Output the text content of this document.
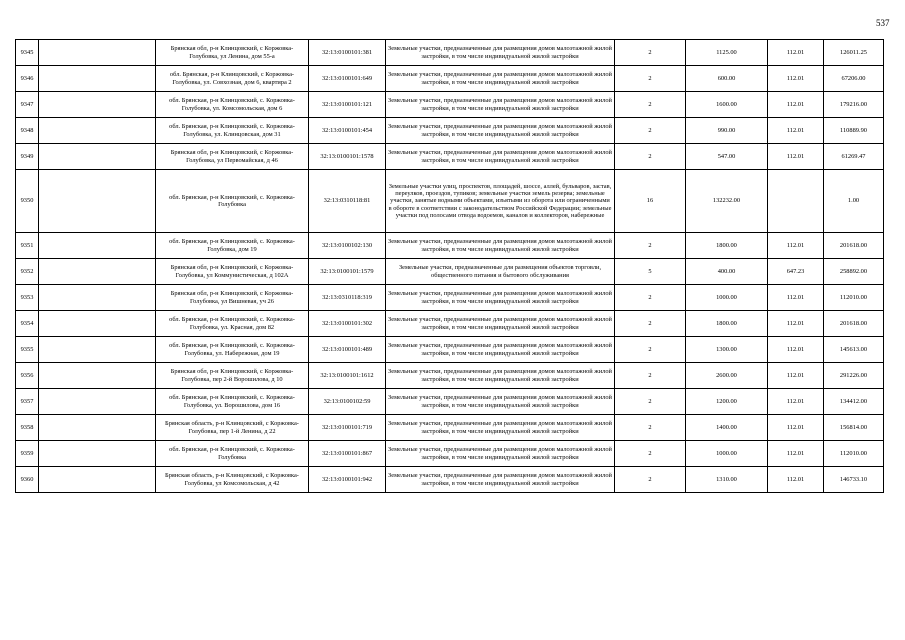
537
9345		Брянская обл, р-н Клинцовский, с Коржовка-Голубовка, ул Ленина, дом 55-а	32:13:0100101:381	Земельные участки, предназначенные для размещения домов малоэтажной жилой застройки, в том числе индивидуальной жилой застройки	2	1125.00	112.01	126011.25
9346		обл. Брянская, р-н Клинцовский, с Коржовка-Голубовка, ул. Совхозная, дом 6, квартира 2	32:13:0100101:649	Земельные участки, предназначенные для размещения домов малоэтажной жилой застройки, в том числе индивидуальной жилой застройки	2	600.00	112.01	67206.00
9347		обл. Брянская, р-н Клинцовский, с. Коржовка-Голубовка, ул. Комсомольская, дом 6	32:13:0100101:121	Земельные участки, предназначенные для размещения домов малоэтажной жилой застройки, в том числе индивидуальной жилой застройки	2	1600.00	112.01	179216.00
9348		обл. Брянская, р-н Клинцовский, с. Коржовка-Голубовка, ул. Клинцовская, дом 31	32:13:0100101:454	Земельные участки, предназначенные для размещения домов малоэтажной жилой застройки, в том числе индивидуальной жилой застройки	2	990.00	112.01	110889.90
9349		Брянская обл, р-н Клинцовский, с Коржовка-Голубовка, ул Первомайская, д 46	32:13:0100101:1578	Земельные участки, предназначенные для размещения домов малоэтажной жилой застройки, в том числе индивидуальной жилой застройки	2	547.00	112.01	61269.47
9350		обл. Брянская, р-н Клинцовский, с. Коржовка-Голубовка	32:13:0310118:81	Земельные участки улиц, проспектов, площадей, шоссе, аллей, бульваров, застав, переулков, проездов, тупиков; земельные участки земель резерва; земельные участки, занятые водными объектами, изъятыми из оборота или ограниченными в обороте в соответствии с законодательством Российской Федерации; земельные участки под полосами отвода водоемов, каналов и коллекторов, набережные	16	132232.00		1.00
9351		обл. Брянская, р-н Клинцовский, с. Коржовка-Голубовка, дом 19	32:13:0100102:130	Земельные участки, предназначенные для размещения домов малоэтажной жилой застройки, в том числе индивидуальной жилой застройки	2	1800.00	112.01	201618.00
9352		Брянская обл, р-н Клинцовский, с Коржовка-Голубовка, ул Коммунистическая, д 102А	32:13:0100101:1579	Земельные участки, предназначенные для размещения объектов торговли, общественного питания и бытового обслуживания	5	400.00	647.23	258892.00
9353		Брянская обл, р-н Клинцовский, с Коржовка-Голубовка, ул Вишневая, уч 26	32:13:0310118:319	Земельные участки, предназначенные для размещения домов малоэтажной жилой застройки, в том числе индивидуальной жилой застройки	2	1000.00	112.01	112010.00
9354		обл. Брянская, р-н Клинцовский, с. Коржовка-Голубовка, ул. Красная, дом 82	32:13:0100101:302	Земельные участки, предназначенные для размещения домов малоэтажной жилой застройки, в том числе индивидуальной жилой застройки	2	1800.00	112.01	201618.00
9355		обл. Брянская, р-н Клинцовский, с. Коржовка-Голубовка, ул. Набережная, дом 19	32:13:0100101:489	Земельные участки, предназначенные для размещения домов малоэтажной жилой застройки, в том числе индивидуальной жилой застройки	2	1300.00	112.01	145613.00
9356		Брянская обл, р-н Клинцовский, с Коржовка-Голубовка, пер 2-й Ворошилова, д 10	32:13:0100101:1612	Земельные участки, предназначенные для размещения домов малоэтажной жилой застройки, в том числе индивидуальной жилой застройки	2	2600.00	112.01	291226.00
9357		обл. Брянская, р-н Клинцовский, с. Коржовка-Голубовка, ул. Ворошилова, дом 16	32:13:0100102:59	Земельные участки, предназначенные для размещения домов малоэтажной жилой застройки, в том числе индивидуальной жилой застройки	2	1200.00	112.01	134412.00
9358		Брянская область, р-н Клинцовский, с Коржовка-Голубовка, пер 1-й Ленина, д 22	32:13:0100101:719	Земельные участки, предназначенные для размещения домов малоэтажной жилой застройки, в том числе индивидуальной жилой застройки	2	1400.00	112.01	156814.00
9359		обл. Брянская, р-н Клинцовский, с. Коржовка-Голубовка	32:13:0100101:867	Земельные участки, предназначенные для размещения домов малоэтажной жилой застройки, в том числе индивидуальной жилой застройки	2	1000.00	112.01	112010.00
9360		Брянская область, р-н Клинцовский, с Коржовка-Голубовка, ул Комсомольская, д 42	32:13:0100101:942	Земельные участки, предназначенные для размещения домов малоэтажной жилой застройки, в том числе индивидуальной жилой застройки	2	1310.00	112.01	146733.10
